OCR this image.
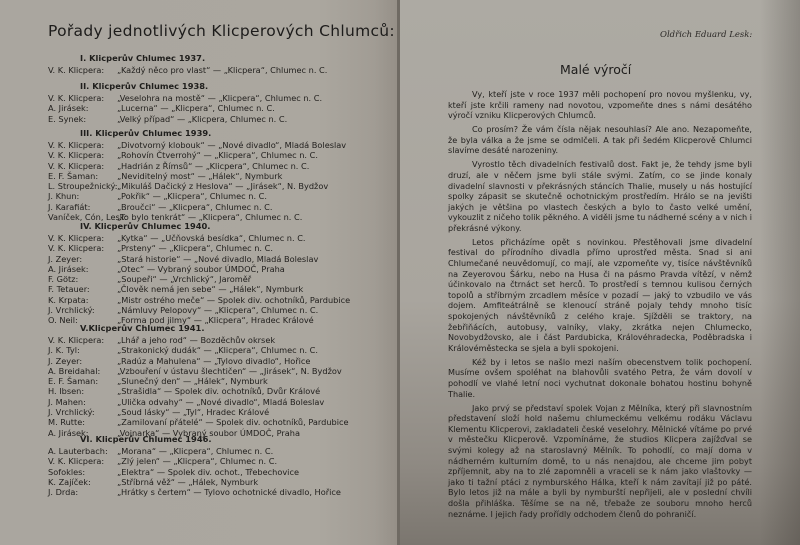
Pořady jednotlivých Klicperových Chlumců:
I. Klicperův Chlumec 1937.
V. K. Klicpera:	„Každý něco pro vlast“ — „Klicpera“, Chlumec n. C.
II. Klicperův Chlumec 1938.
V. K. Klicpera:	„Veselohra na mostě“ — „Klicpera“, Chlumec n. C.
A. Jirásek:	„Lucerna“ — „Klicpera“, Chlumec n. C.
E. Synek:	„Velký případ“ — „Klicpera, Chlumec n. C.
III. Klicperův Chlumec 1939.
V. K. Klicpera:	„Divotvorný klobouk“ — „Nové divadlo“, Mladá Boleslav
V. K. Klicpera:	„Rohovín Čtverrohý“ — „Klicpera“, Chlumec n. C.
V. K. Klicpera:	„Hadrián z Římsů“ — „Klicpera“, Chlumec n. C.
E. F. Šaman:	„Neviditelný most“ — „Hálek“, Nymburk
L. Stroupežnický: „Mikuláš Dačický z Heslova“ — „Jirásek“, N. Bydžov
J. Khun:	„Pokřik“ — „Klicpera“, Chlumec n. C.
J. Karafiát:	„Broučci“ — „Klicpera“, Chlumec n. C.
Vaníček, Cón, Lesk:
„To bylo tenkrát“ — „Klicpera“, Chlumec n. C.
IV. Klicperův Chlumec 1940.
V. K. Klicpera:	„Kytka“ — „Učňovská besídka“, Chlumec n. C.
V. K. Klicpera:	„Prsteny“ — „Klicpera“, Chlumec n. C.
J. Zeyer:	„Stará historie“ — „Nové divadlo, Mladá Boleslav
A. Jirásek:	„Otec“ — Vybraný soubor ÚMDOČ, Praha
F. Götz:	„Soupeři“ — „Vrchlický“, Jaroměř
F. Tetauer:	„Člověk nemá jen sebe“ — „Hálek“, Nymburk
K. Krpata:	„Mistr ostrého meče“ — Spolek div. ochotníků, Pardubice
J. Vrchlický:	„Námluvy Pelopovy“ — „Klicpera“, Chlumec n. C.
O. Neil:	„Forma pod jilmy“ — „Klicpera“, Hradec Králové
V.Klicperův Chlumec 1941.
V. K. Klicpera:	„Lhář a jeho rod“ — Bozděchův okrsek
J. K. Tyl:	„Strakonický dudák“ — „Klicpera“, Chlumec n. C.
J. Zeyer:	„Radúz a Mahulena“ — „Tylovo divadlo“, Hořice
A. Breidahal:	„Vzbouření v ústavu šlechtičen“ — „Jirásek“, N. Bydžov
E. F. Šaman:	„Slunečný den“ — „Hálek“, Nymburk
H. Ibsen:	„Strašidla“ — Spolek div. ochotníků, Dvůr Králové
J. Mahen:	„Ulička odvahy“ — „Nové divadlo“, Mladá Boleslav
J. Vrchlický:	„Soud lásky“ — „Tyl“, Hradec Králové
M. Rutte:	„Zamilovaní přátelé“ — Spolek div. ochotníků, Pardubice
A. Jirásek:	„Vojnarka“ — Vybraný soubor ÚMDOČ, Praha
VI. Klicperův Chlumec 1946.
A. Lauterbach:	„Morana“ — „Klicpera“, Chlumec n. C.
V. K. Klicpera:	„Zlý jelen“ — „Klicpera“, Chlumec n. C.
Sofokles:	„Elektra“ — Spolek div. ochot., Třebechovice
K. Zajíček:	„Stříbrná věž“ — „Hálek, Nymburk
J. Drda:	„Hrátky s čertem“ — Tylovo ochotnické divadlo, Hořice
Oldřich Eduard Lesk:
Malé výročí

Vy, kteří jste v roce 1937 měli pochopení pro novou myšlenku, vy, kteří jste krčili rameny nad novotou, vzpomeňte dnes s námi desátého výročí vzniku Klicperových Chlumců.

Co prosím? Že vám čísla nějak nesouhlasí? Ale ano. Nezapomeňte, že byla válka a že jsme se odmlčeli. A tak při šedém Klicperově Chlumci slavíme desáté narozeniny.

Vyrostlo těch divadelních festivalů dost. Fakt je, že tehdy jsme byli druzí, ale v něčem jsme byli stále svými. Zatím, co se jinde konaly divadelní slavnosti v překrásných stáncích Thalie, musely u nás hostující spolky zápasit se skutečně ochotnickým prostředím. Hrálo se na jevišti jakých je většina po vlastech českých a bylo to často velké umění, vykouzlit z ničeho tolik pěkného. A viděli jsme tu nádherné scény a v nich i překrásné výkony.

Letos přicházíme opět s novinkou. Přestěhovali jsme divadelní festival do přírodního divadla přímo uprostřed města. Snad si ani Chlumečané neuvědomují, co mají, ale vzpomeňte vy, tisíce návštěvníků na Zeyerovou Šárku, nebo na Husa či na pásmo Pravda vítězí, v němž účinkovalo na čtrnáct set herců. To prostředí s temnou kulisou černých topolů a stříbrným zrcadlem měsíce v pozadí — jaký to vzbudilo ve vás dojem. Amfiteátrálně se klenoucí stráně pojaly tehdy mnoho tisíc spokojených návštěvníků z celého kraje. Sjížděli se traktory, na žebřiňácích, autobusy, valníky, vlaky, zkrátka nejen Chlumecko, Novobydžovsko, ale i část Pardubicka, Královéhradecka, Poděbradska i Královéměstecka se sjela a byli spokojeni.

Kéž by i letos se našlo mezi naším obecenstvem tolik pochopení. Musíme ovšem spoléhat na blahovůli svatého Petra, že vám dovolí v pohodlí ve vlahé letní noci vychutnat dokonale bohatou hostinu bohyně Thalie.

Jako prvý se představí spolek Vojan z Mělníka, který při slavnostním představení složí hold našemu chlumeckému velkému rodáku Václavu Klementu Klicperovi, zakladateli české veselohry. Mělnické vítáme po prvé v městečku Klicperově. Vzpomínáme, že studios Klicpera zajížďval se svými kolegy až na staroslavný Mělník. To pohodlí, co mají doma v nádherném kulturním domě, to u nás nenajdou, ale chceme jim pobyt zpříjemnit, aby na to zlé zapomněli a vraceli se k nám jako vlaštovky — jako ti tažní ptáci z nymburského Hálka, kteří k nám zavítají již po páté. Bylo letos již na mále a byli by nymburští nepřijeli, ale v poslední chvíli došla přihláška. Těšíme se na ně, třebaže ze souboru mnoho herců neznáme. I jejich řady prořídly odchodem členů do pohraničí.
